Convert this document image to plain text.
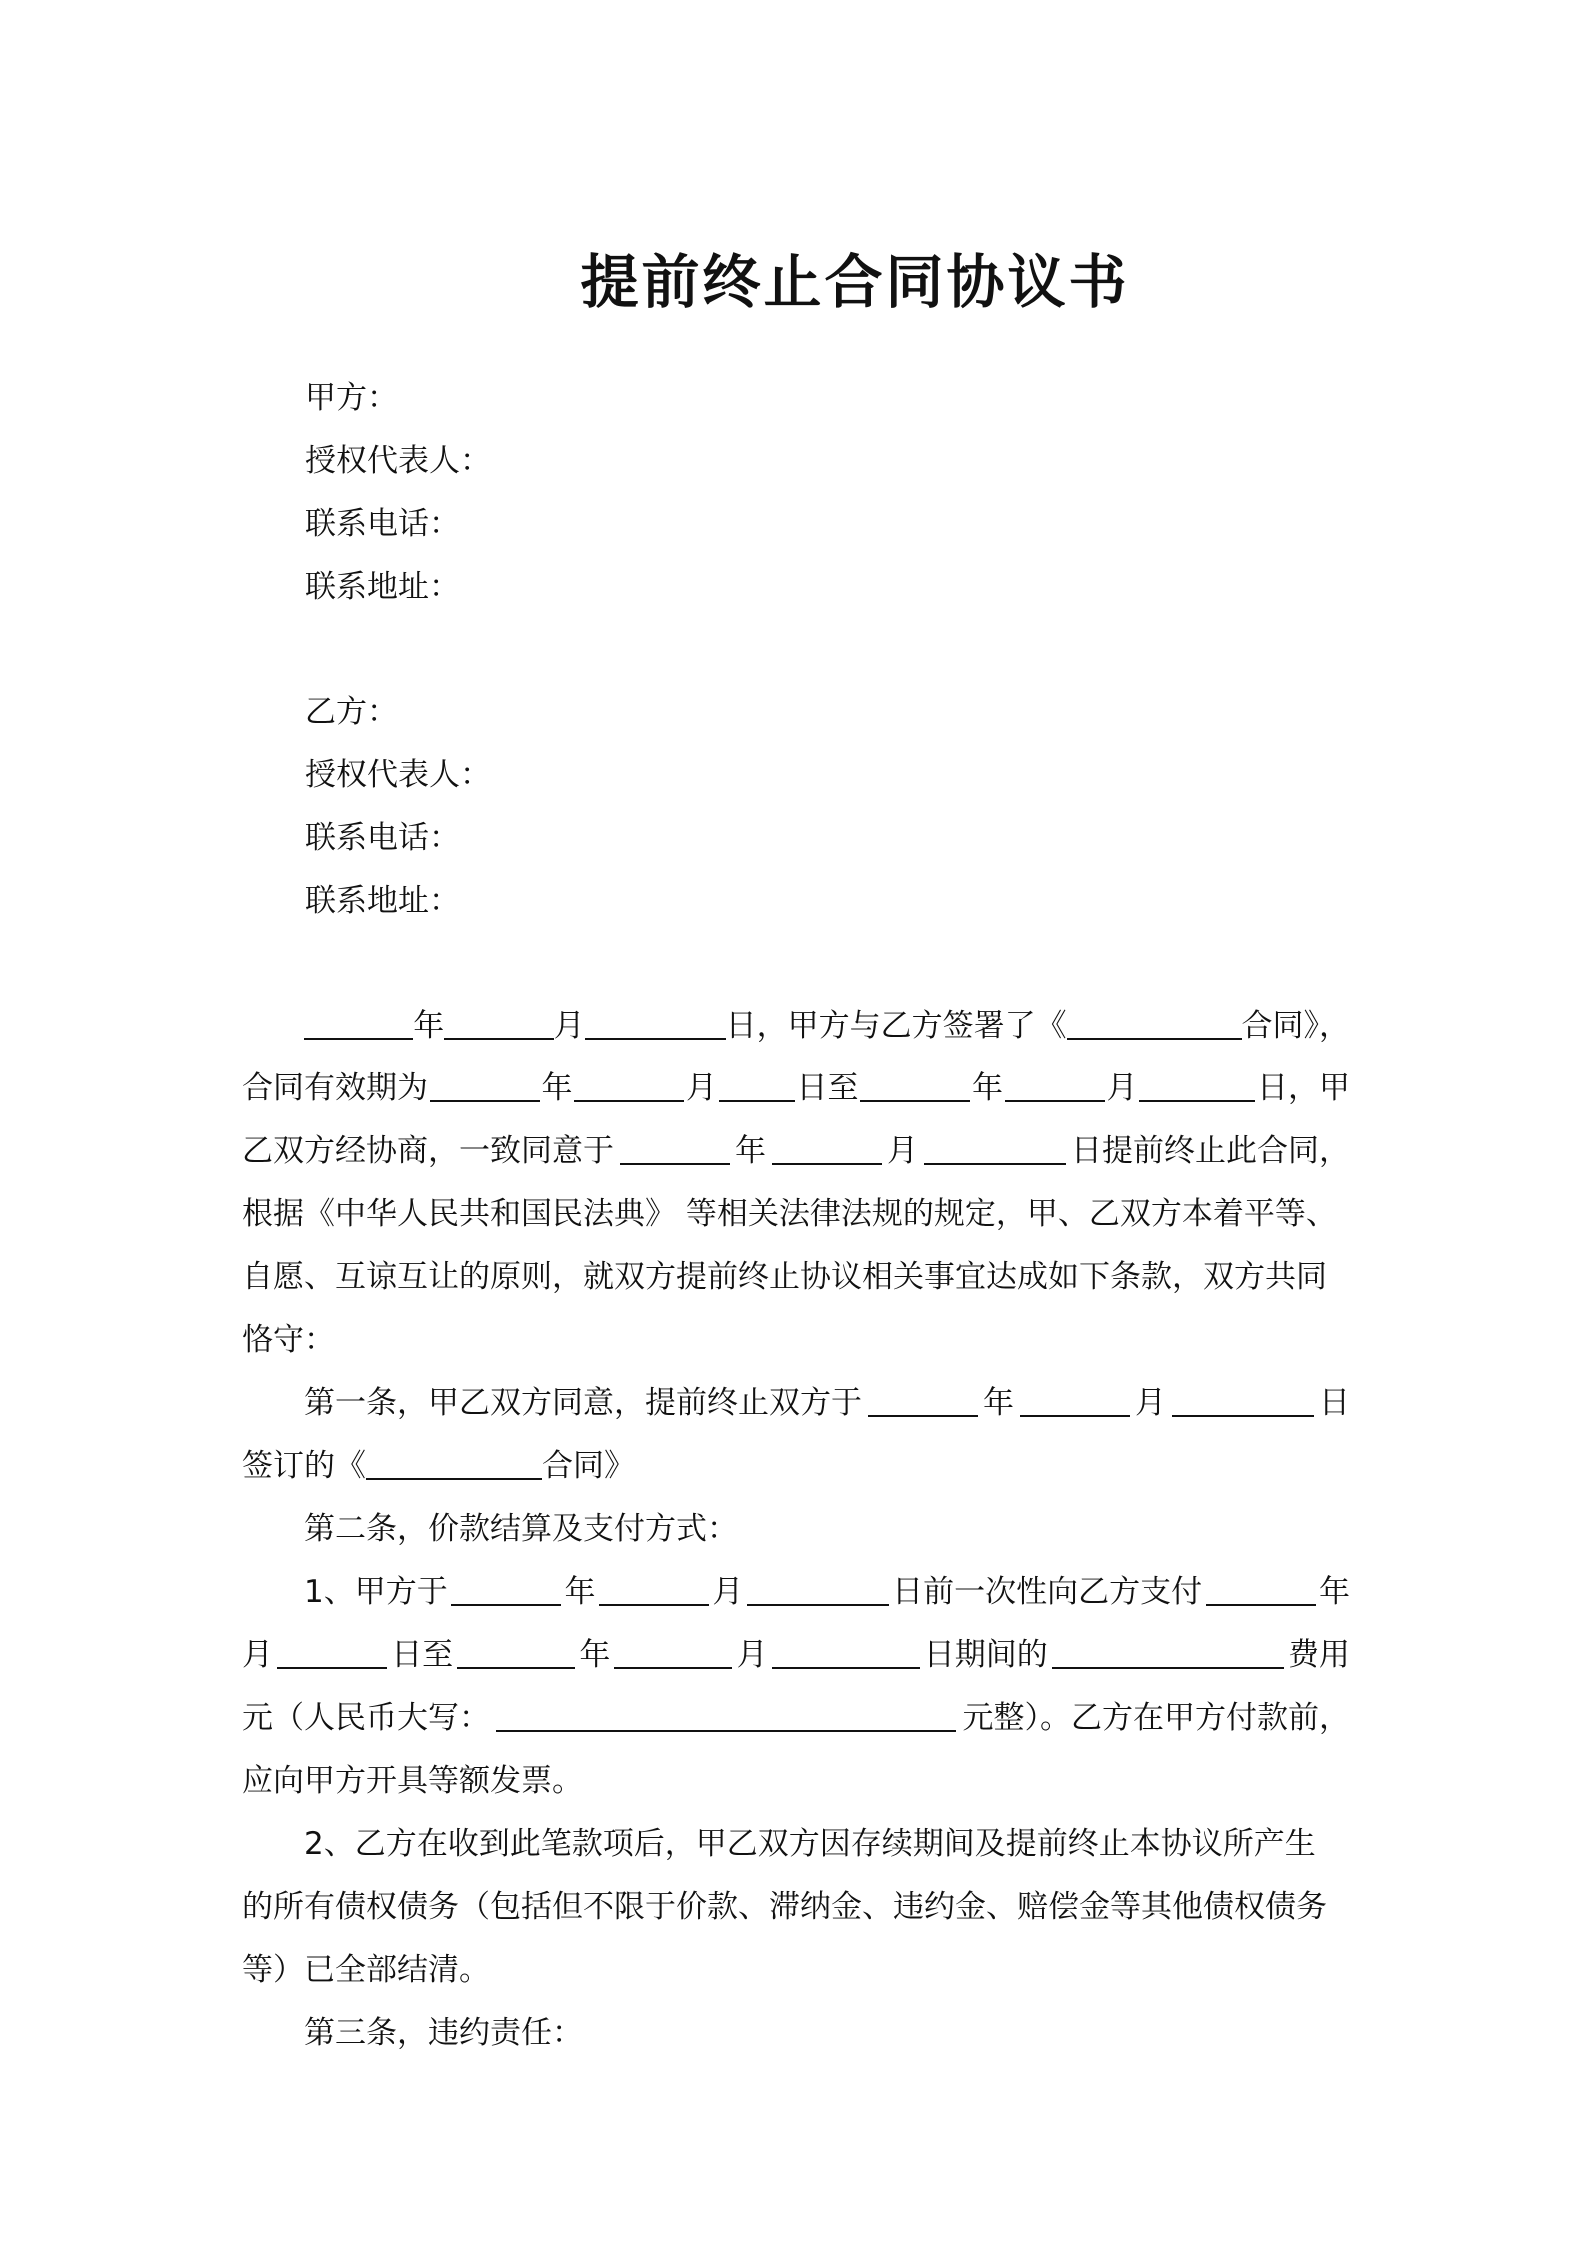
提前终止合同协议书
甲方：
授权代表人：
联系电话：
联系地址：
乙方：
授权代表人：
联系电话：
联系地址：
年	月	日，甲方与乙方签署了《	合同》，
合同有效期为	年	月	日至	年	月	日，甲
乙双方经协商，一致同意于	年	月	日提前终止此合同，
根据《中华人民共和国民法典》 等相关法律法规的规定，甲、乙双方本着平等、
自愿、互谅互让的原则，就双方提前终止协议相关事宜达成如下条款，双方共同
恪守：
第一条，甲乙双方同意，提前终止双方于	年	月	日
签订的《	合同》
第二条，价款结算及支付方式：
1、甲方于	年	月	日前一次性向乙方支付	年
月	日至	年	月	日期间的	费用
元（人民币大写：	元整）。乙方在甲方付款前，
应向甲方开具等额发票。
2、乙方在收到此笔款项后，甲乙双方因存续期间及提前终止本协议所产生
的所有债权债务（包括但不限于价款、滞纳金、违约金、赔偿金等其他债权债务
等）已全部结清。
第三条，违约责任：
